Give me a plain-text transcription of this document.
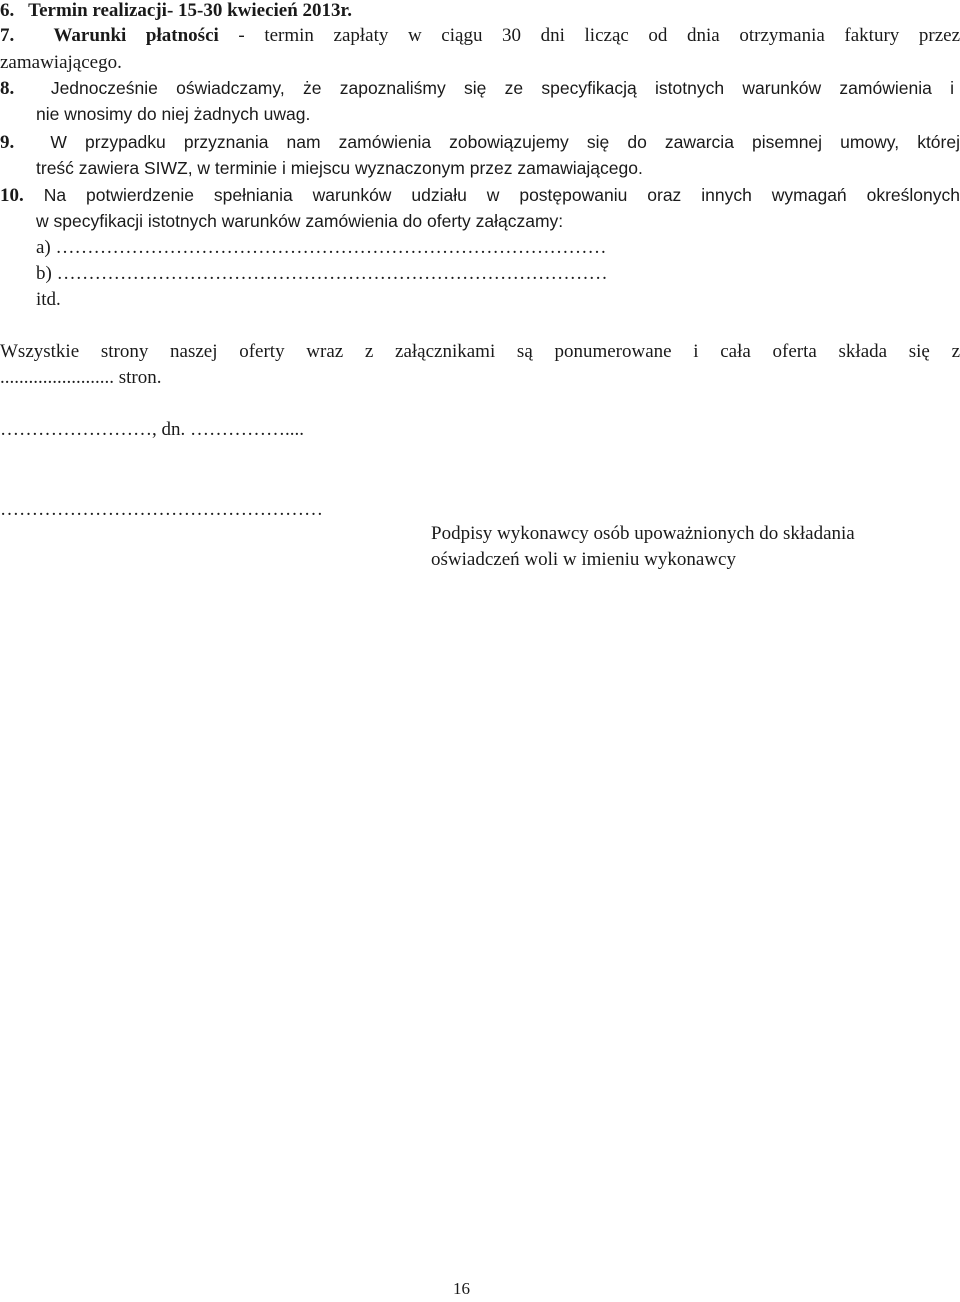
6. Termin realizacji- 15-30 kwiecień 2013r.
7. Warunki płatności - termin zapłaty w ciągu 30 dni licząc od dnia otrzymania faktury przez
zamawiającego.
8. Jednocześnie oświadczamy, że zapoznaliśmy się ze specyfikacją istotnych warunków zamówienia i
nie wnosimy do niej żadnych uwag.
9. W przypadku przyznania nam zamówienia zobowiązujemy się do zawarcia pisemnej umowy, której
treść zawiera SIWZ, w terminie i miejscu wyznaczonym przez zamawiającego.
10. Na potwierdzenie spełniania warunków udziału w postępowaniu oraz innych wymagań określonych
w specyfikacji istotnych warunków zamówienia do oferty załączamy:
a) ……………………………………………………………………………
b) ……………………………………………………………………………
itd.
Wszystkie strony naszej oferty wraz z załącznikami są ponumerowane i cała oferta składa się z
........................ stron.
……………………, dn. ……………....
……………………………………………
Podpisy wykonawcy osób upoważnionych do składania
oświadczeń woli w imieniu wykonawcy
16
